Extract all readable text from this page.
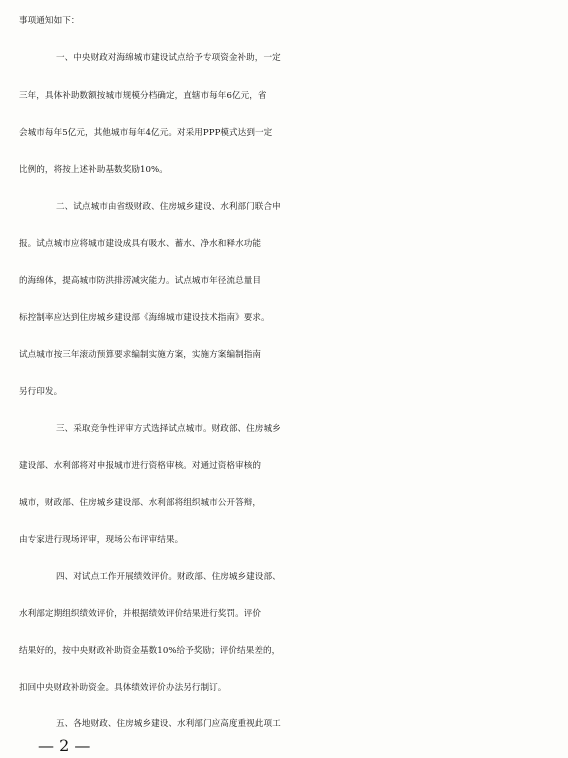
事项通知如下：
一、中央财政对海绵城市建设试点给予专项资金补助，一定
三年，具体补助数额按城市规模分档确定，直辖市每年6亿元，省
会城市每年5亿元，其他城市每年4亿元。对采用PPP模式达到一定
比例的，将按上述补助基数奖励10%。
二、试点城市由省级财政、住房城乡建设、水利部门联合申
报。试点城市应将城市建设成具有吸水、蓄水、净水和释水功能
的海绵体，提高城市防洪排涝减灾能力。试点城市年径流总量目
标控制率应达到住房城乡建设部《海绵城市建设技术指南》要求。
试点城市按三年滚动预算要求编制实施方案，实施方案编制指南
另行印发。
三、采取竞争性评审方式选择试点城市。财政部、住房城乡
建设部、水利部将对申报城市进行资格审核。对通过资格审核的
城市，财政部、住房城乡建设部、水利部将组织城市公开答辩，
由专家进行现场评审，现场公布评审结果。
四、对试点工作开展绩效评价。财政部、住房城乡建设部、
水利部定期组织绩效评价，并根据绩效评价结果进行奖罚。评价
结果好的，按中央财政补助资金基数10%给予奖励；评价结果差的，
扣回中央财政补助资金。具体绩效评价办法另行制订。
五、各地财政、住房城乡建设、水利部门应高度重视此项工
— 2 —
